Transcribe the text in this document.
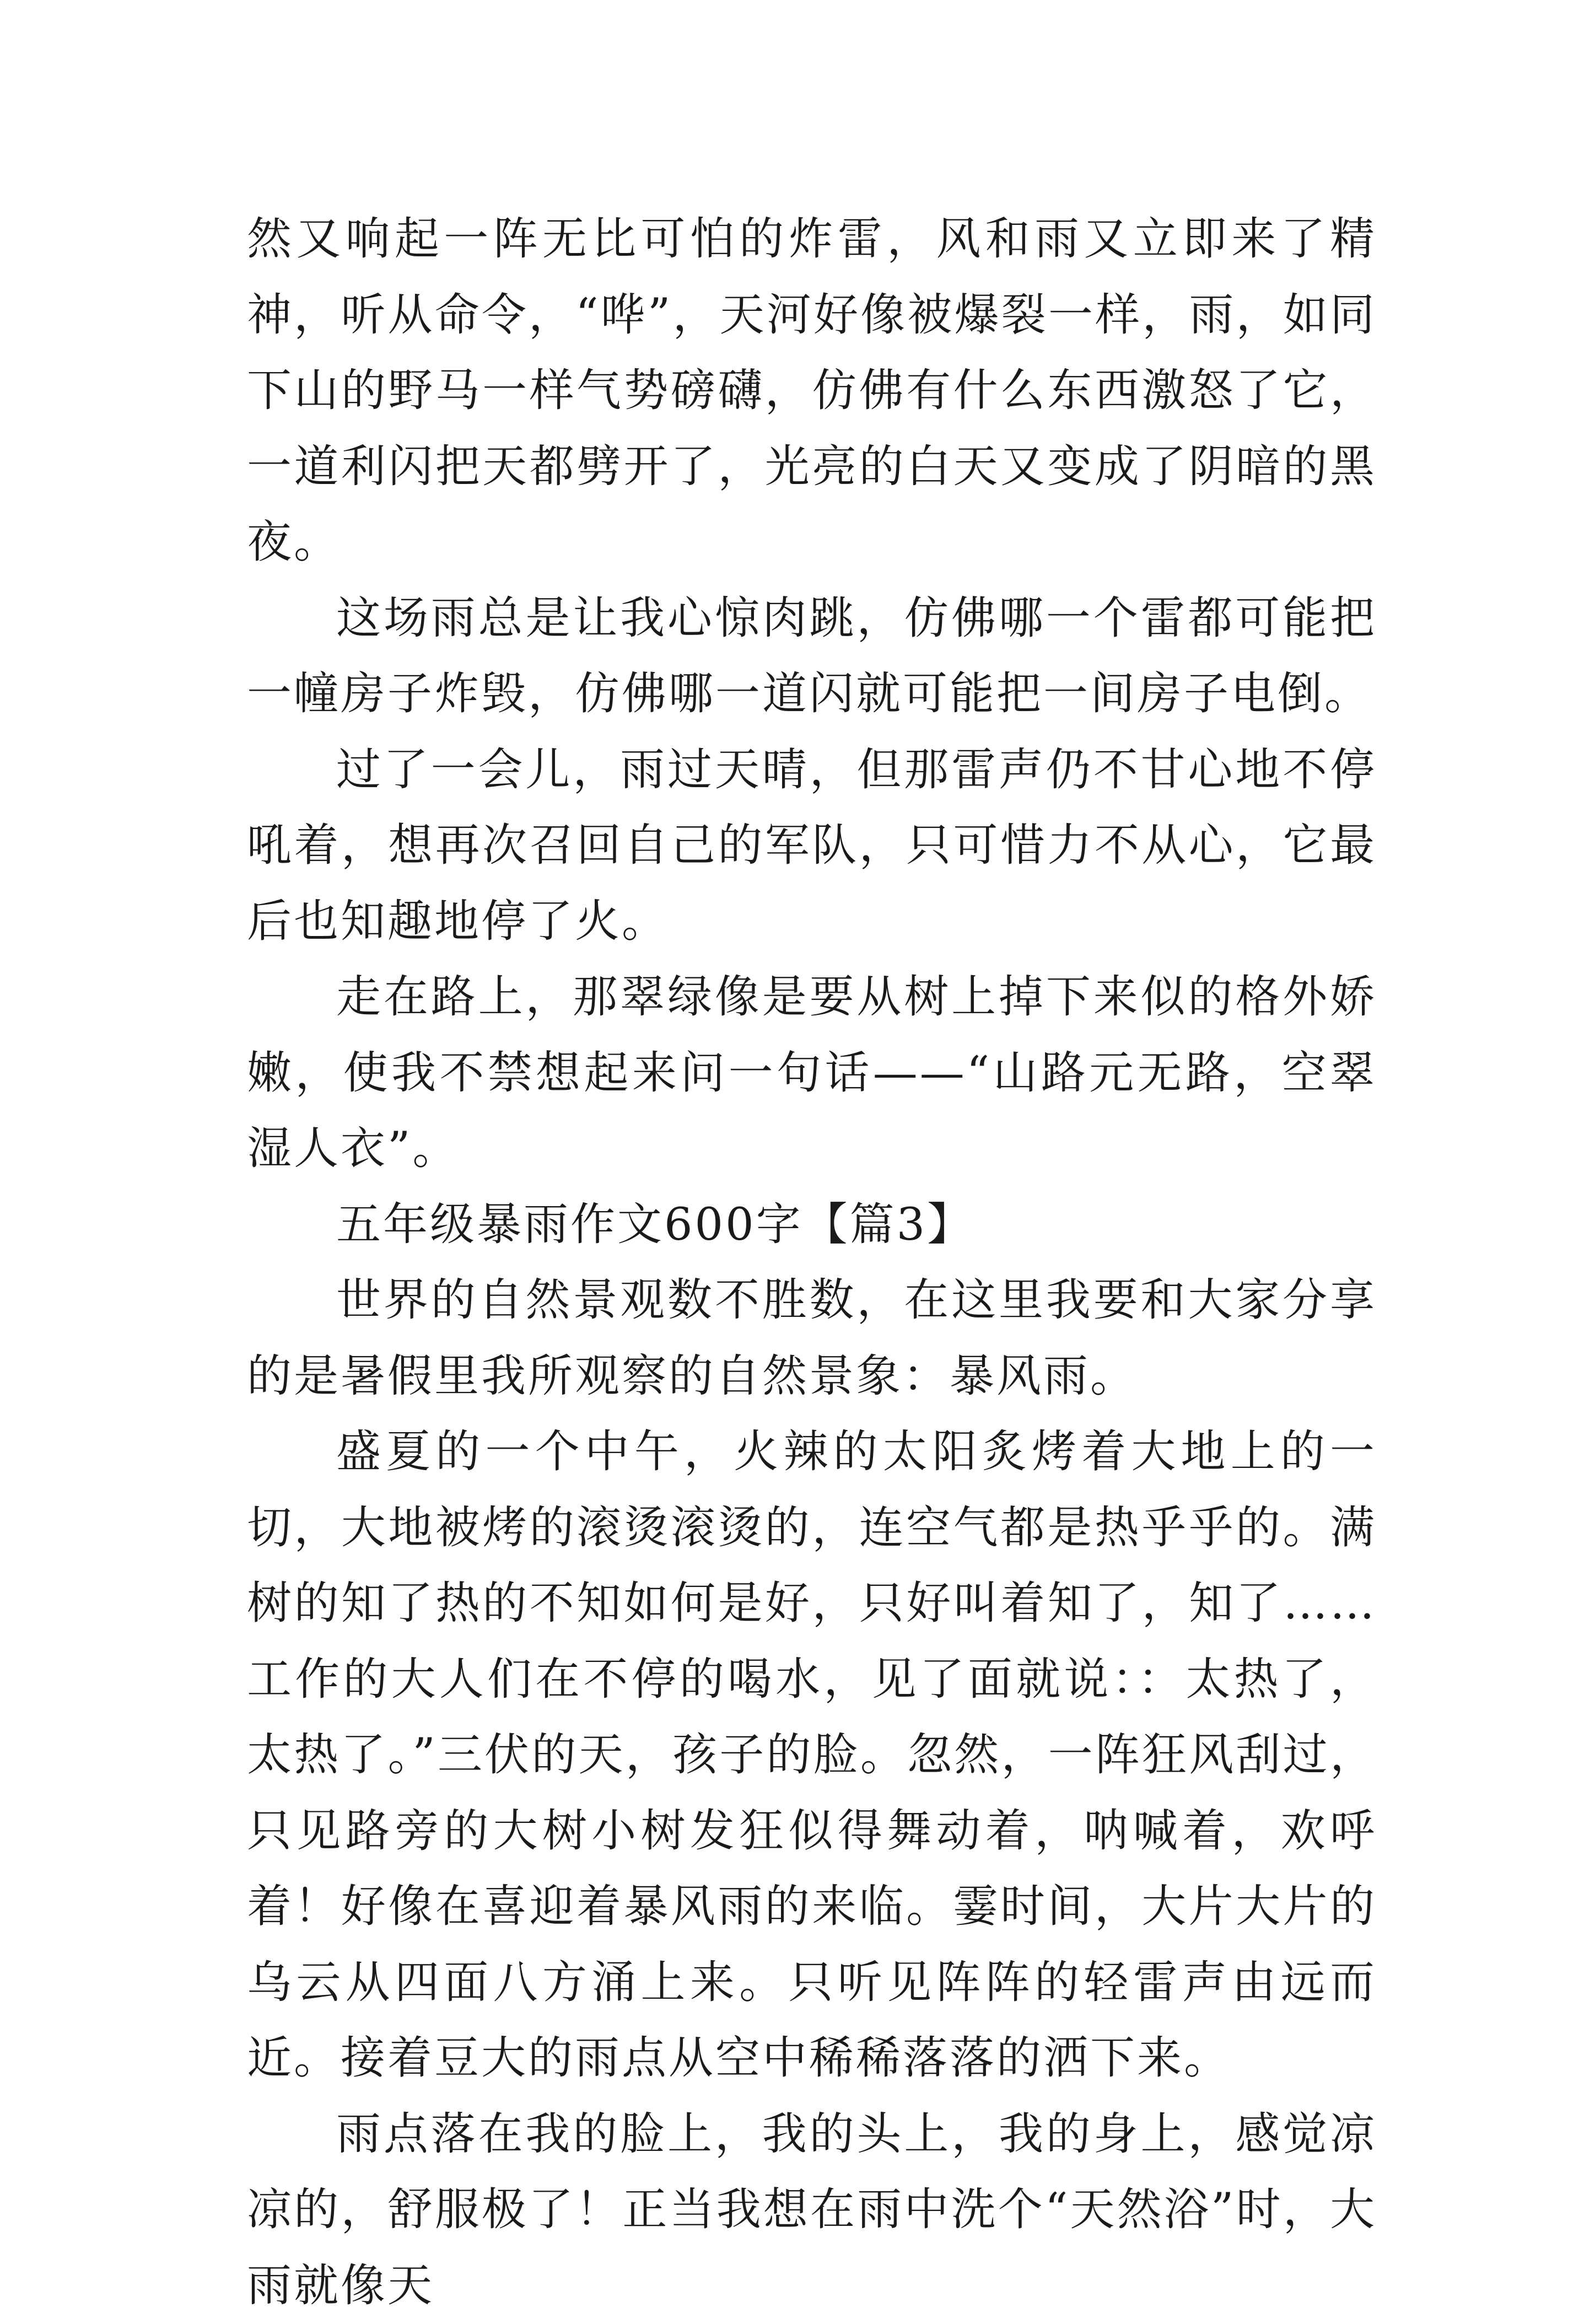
然又响起一阵无比可怕的炸雷，风和雨又立即来了精神，听从命令，“哗”，天河好像被爆裂一样，雨，如同下山的野马一样气势磅礴，仿佛有什么东西激怒了它，一道利闪把天都劈开了，光亮的白天又变成了阴暗的黑夜。

这场雨总是让我心惊肉跳，仿佛哪一个雷都可能把一幢房子炸毁，仿佛哪一道闪就可能把一间房子电倒。

过了一会儿，雨过天晴，但那雷声仍不甘心地不停吼着，想再次召回自己的军队，只可惜力不从心，它最后也知趣地停了火。

走在路上，那翠绿像是要从树上掉下来似的格外娇嫩，使我不禁想起来问一句话——“山路元无路，空翠湿人衣”。

五年级暴雨作文600字【篇3】

世界的自然景观数不胜数，在这里我要和大家分享的是暑假里我所观察的自然景象：暴风雨。

盛夏的一个中午，火辣的太阳炙烤着大地上的一切，大地被烤的滚烫滚烫的，连空气都是热乎乎的。满树的知了热的不知如何是好，只好叫着知了，知了……工作的大人们在不停的喝水，见了面就说：：太热了，太热了。”三伏的天，孩子的脸。忽然，一阵狂风刮过，只见路旁的大树小树发狂似得舞动着，呐喊着，欢呼着！好像在喜迎着暴风雨的来临。霎时间，大片大片的乌云从四面八方涌上来。只听见阵阵的轻雷声由远而近。接着豆大的雨点从空中稀稀落落的洒下来。

雨点落在我的脸上，我的头上，我的身上，感觉凉凉的，舒服极了！正当我想在雨中洗个“天然浴”时，大雨就像天
